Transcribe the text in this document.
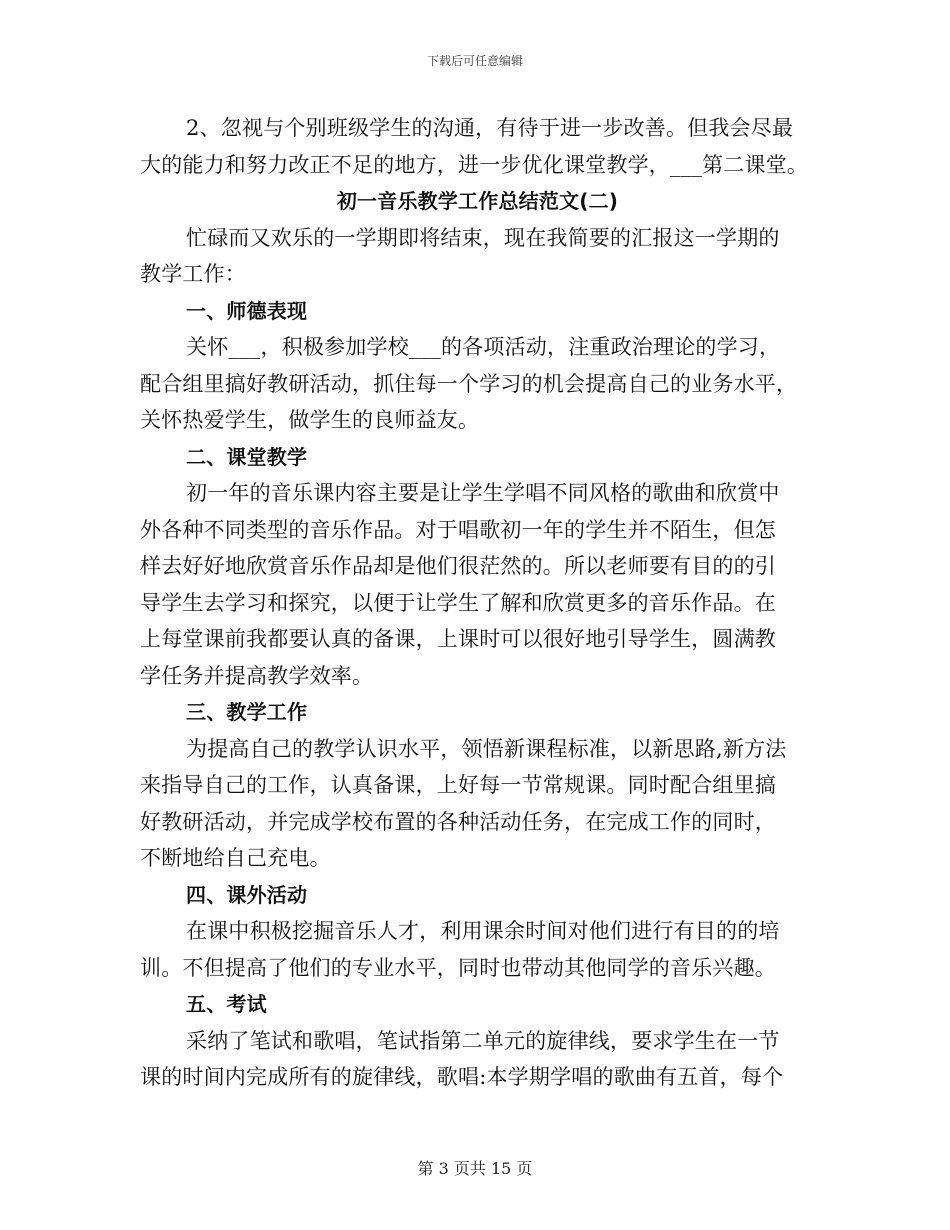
下载后可任意编辑
2、忽视与个别班级学生的沟通，有待于进一步改善。但我会尽最
大的能力和努力改正不足的地方，进一步优化课堂教学，___第二课堂。
初一音乐教学工作总结范文(二)
忙碌而又欢乐的一学期即将结束，现在我简要的汇报这一学期的
教学工作：
一、师德表现
关怀___，积极参加学校___的各项活动，注重政治理论的学习，
配合组里搞好教研活动，抓住每一个学习的机会提高自己的业务水平，
关怀热爱学生，做学生的良师益友。
二、课堂教学
初一年的音乐课内容主要是让学生学唱不同风格的歌曲和欣赏中
外各种不同类型的音乐作品。对于唱歌初一年的学生并不陌生，但怎
样去好好地欣赏音乐作品却是他们很茫然的。所以老师要有目的的引
导学生去学习和探究，以便于让学生了解和欣赏更多的音乐作品。在
上每堂课前我都要认真的备课，上课时可以很好地引导学生，圆满教
学任务并提高教学效率。
三、教学工作
为提高自己的教学认识水平，领悟新课程标准，以新思路,新方法
来指导自己的工作，认真备课，上好每一节常规课。同时配合组里搞
好教研活动，并完成学校布置的各种活动任务，在完成工作的同时，
不断地给自己充电。
四、课外活动
在课中积极挖掘音乐人才，利用课余时间对他们进行有目的的培
训。不但提高了他们的专业水平，同时也带动其他同学的音乐兴趣。
五、考试
采纳了笔试和歌唱，笔试指第二单元的旋律线，要求学生在一节
课的时间内完成所有的旋律线，歌唱:本学期学唱的歌曲有五首，每个
第 3 页共 15 页
